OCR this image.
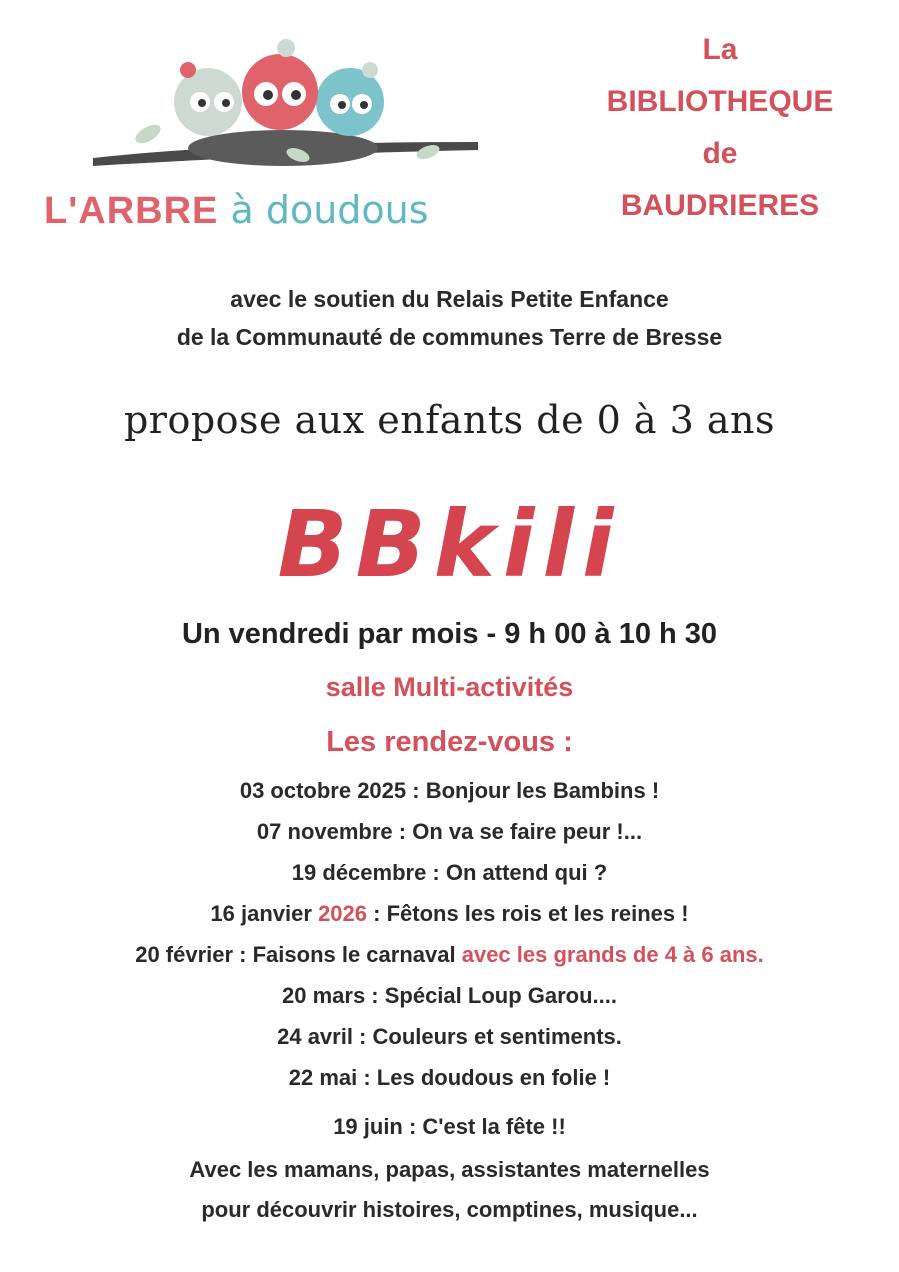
L'ARBRE à doudous
La
BIBLIOTHEQUE
de
BAUDRIERES
avec le soutien du Relais Petite Enfance
de la Communauté de communes Terre de Bresse
propose aux enfants de 0 à 3 ans
BBkili
Un vendredi par mois - 9 h 00 à 10 h 30
salle Multi-activités
Les rendez-vous :
03 octobre 2025 : Bonjour les Bambins !
07 novembre : On va se faire peur !...
19 décembre : On attend qui ?
16 janvier 2026 : Fêtons les rois et les reines !
20 février : Faisons le carnaval avec les grands de 4 à 6 ans.
20 mars : Spécial Loup Garou....
24 avril : Couleurs et sentiments.
22 mai : Les doudous en folie !
19 juin : C'est la fête !!
Avec les mamans, papas, assistantes maternelles
pour découvrir histoires, comptines, musique...
